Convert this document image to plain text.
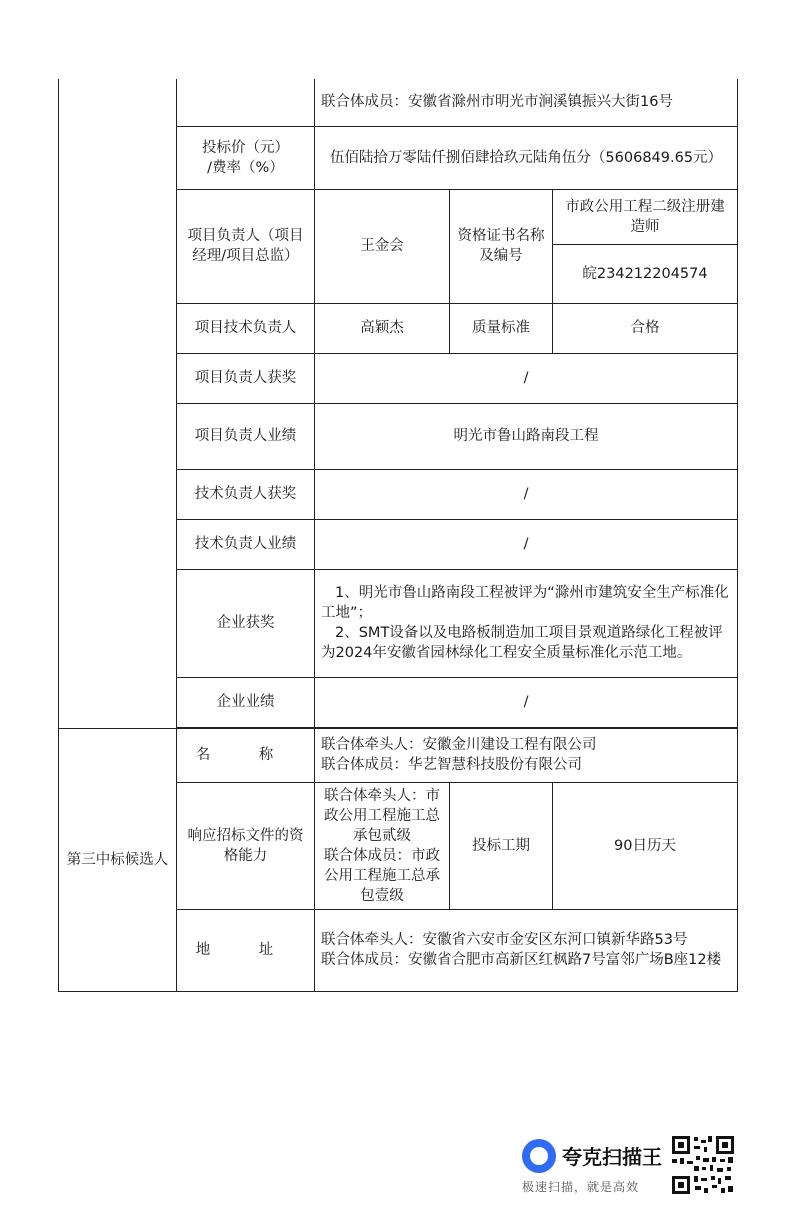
		联合体成员：安徽省滁州市明光市涧溪镇振兴大街16号		
	投标价（元）
/费率（%）	伍佰陆拾万零陆仟捌佰肆拾玖元陆角伍分（5606849.65元）		
	项目负责人（项目经理/项目总监）	王金会	资格证书名称及编号	市政公用工程二级注册建造师
				皖234212204574
	项目技术负责人	高颖杰	质量标准	合格
	项目负责人获奖	/		
	项目负责人业绩	明光市鲁山路南段工程		
	技术负责人获奖	/		
	技术负责人业绩	/		
	企业获奖	1、明光市鲁山路南段工程被评为“滁州市建筑安全生产标准化工地”；
2、SMT设备以及电路板制造加工项目景观道路绿化工程被评为2024年安徽省园林绿化工程安全质量标准化示范工地。		

	企业业绩	/		

第三中标候选人	名 称	联合体牵头人：安徽金川建设工程有限公司
联合体成员：华艺智慧科技股份有限公司		

	响应招标文件的资格能力	联合体牵头人：市政公用工程施工总承包贰级
联合体成员：市政公用工程施工总承包壹级	投标工期	90日历天
	地 址	联合体牵头人：安徽省六安市金安区东河口镇新华路53号
联合体成员：安徽省合肥市高新区红枫路7号富邻广场B座12楼		
夸克扫描王
极速扫描，就是高效
